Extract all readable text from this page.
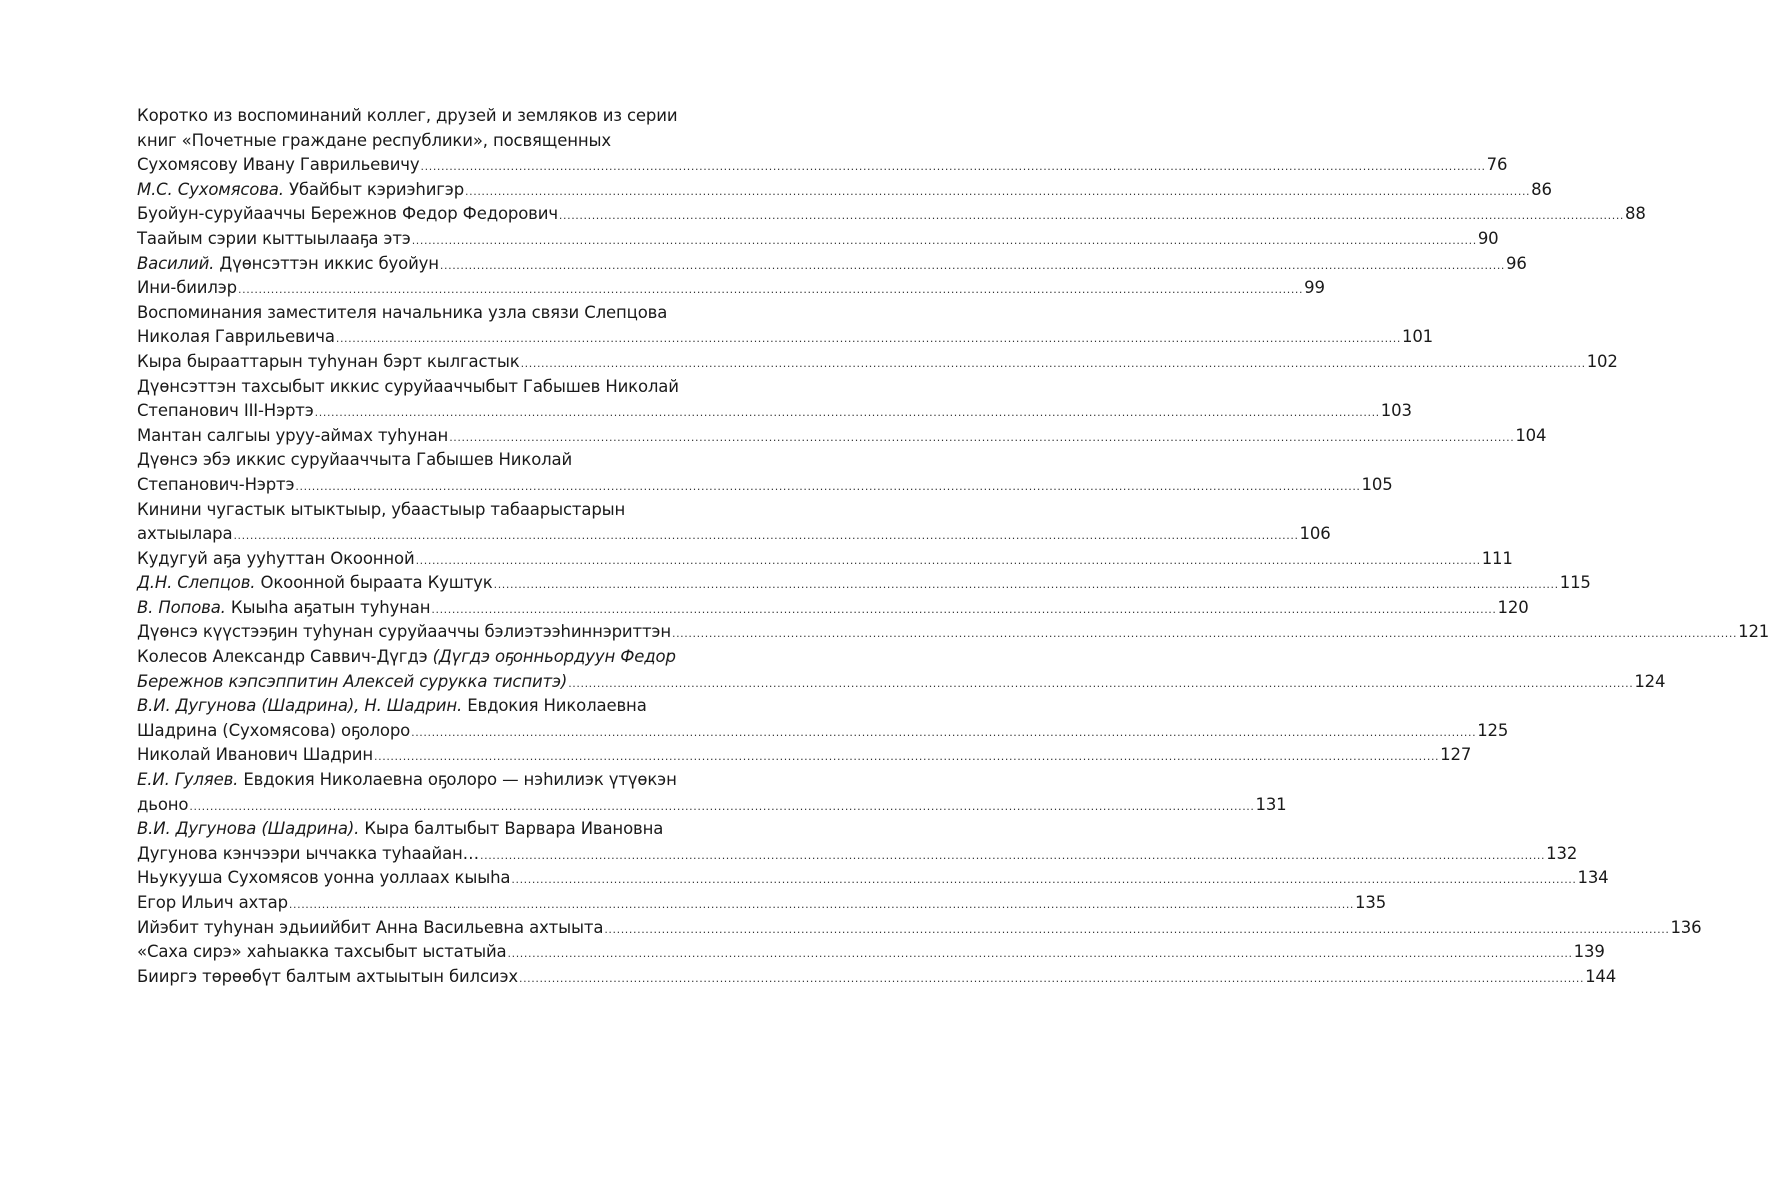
Коротко из воспоминаний коллег, друзей и земляков из серии
книг «Почетные граждане республики», посвященных
Сухомясову Ивану Гаврильевичу .................................................................................................................................................................................................................................................................... 76
М.С. Сухомясова. Убайбыт кэриэһигэр .................................................................................................................................................................................................................................................................... 86
Буойун-суруйааччы Бережнов Федор Федорович .................................................................................................................................................................................................................................................................... 88
Таайым сэрии кыттыылааҕа этэ .................................................................................................................................................................................................................................................................... 90
Василий. Дүөнсэттэн иккис буойун .................................................................................................................................................................................................................................................................... 96
Ини-биилэр .................................................................................................................................................................................................................................................................... 99
Воспоминания заместителя начальника узла связи Слепцова
Николая Гаврильевича .................................................................................................................................................................................................................................................................... 101
Кыра бырааттарын туһунан бэрт кылгастык .................................................................................................................................................................................................................................................................... 102
Дүөнсэттэн тахсыбыт иккис суруйааччыбыт Габышев Николай
Степанович III-Нэртэ .................................................................................................................................................................................................................................................................... 103
Мантан салгыы уруу-аймах туһунан .................................................................................................................................................................................................................................................................... 104
Дүөнсэ эбэ иккис суруйааччыта Габышев Николай
Степанович-Нэртэ .................................................................................................................................................................................................................................................................... 105
Кинини чугастык ытыктыыр, убаастыыр табаарыстарын
ахтыылара .................................................................................................................................................................................................................................................................... 106
Кудугуй аҕа ууһуттан Окоонной .................................................................................................................................................................................................................................................................... 111
Д.Н. Слепцов. Окоонной бырaата Куштук .................................................................................................................................................................................................................................................................... 115
В. Попова. Кыыһа аҕатын туһунан .................................................................................................................................................................................................................................................................... 120
Дүөнсэ күүстээҕин туһунан суруйааччы бэлиэтээһиннэриттэн .................................................................................................................................................................................................................................................................... 121
Колесов Александр Саввич-Дүгдэ (Дүгдэ оҕонньордуун Федор
Бережнов кэпсэппитин Алексей сурукка тиспитэ) .................................................................................................................................................................................................................................................................... 124
В.И. Дугунова (Шадрина), Н. Шадрин. Евдокия Николаевна
Шадрина (Сухомясова) оҕолоро .................................................................................................................................................................................................................................................................... 125
Николай Иванович Шадрин .................................................................................................................................................................................................................................................................... 127
Е.И. Гуляев. Евдокия Николаевна оҕолоро — нэһилиэк үтүөкэн
дьоно .................................................................................................................................................................................................................................................................... 131
В.И. Дугунова (Шадрина). Кыра балтыбыт Варвара Ивановна
Дугунова кэнчээри ыччакка туһаайан… .................................................................................................................................................................................................................................................................... 132
Ньукууша Сухомясов уонна уоллаах кыыһа .................................................................................................................................................................................................................................................................... 134
Егор Ильич ахтар .................................................................................................................................................................................................................................................................... 135
Ийэбит туһунан эдьиийбит Анна Васильевна ахтыыта .................................................................................................................................................................................................................................................................... 136
«Саха сирэ» хаһыакка тахсыбыт ыстатыйа .................................................................................................................................................................................................................................................................... 139
Бииргэ төрөөбүт балтым ахтыытын билсиэх .................................................................................................................................................................................................................................................................... 144
